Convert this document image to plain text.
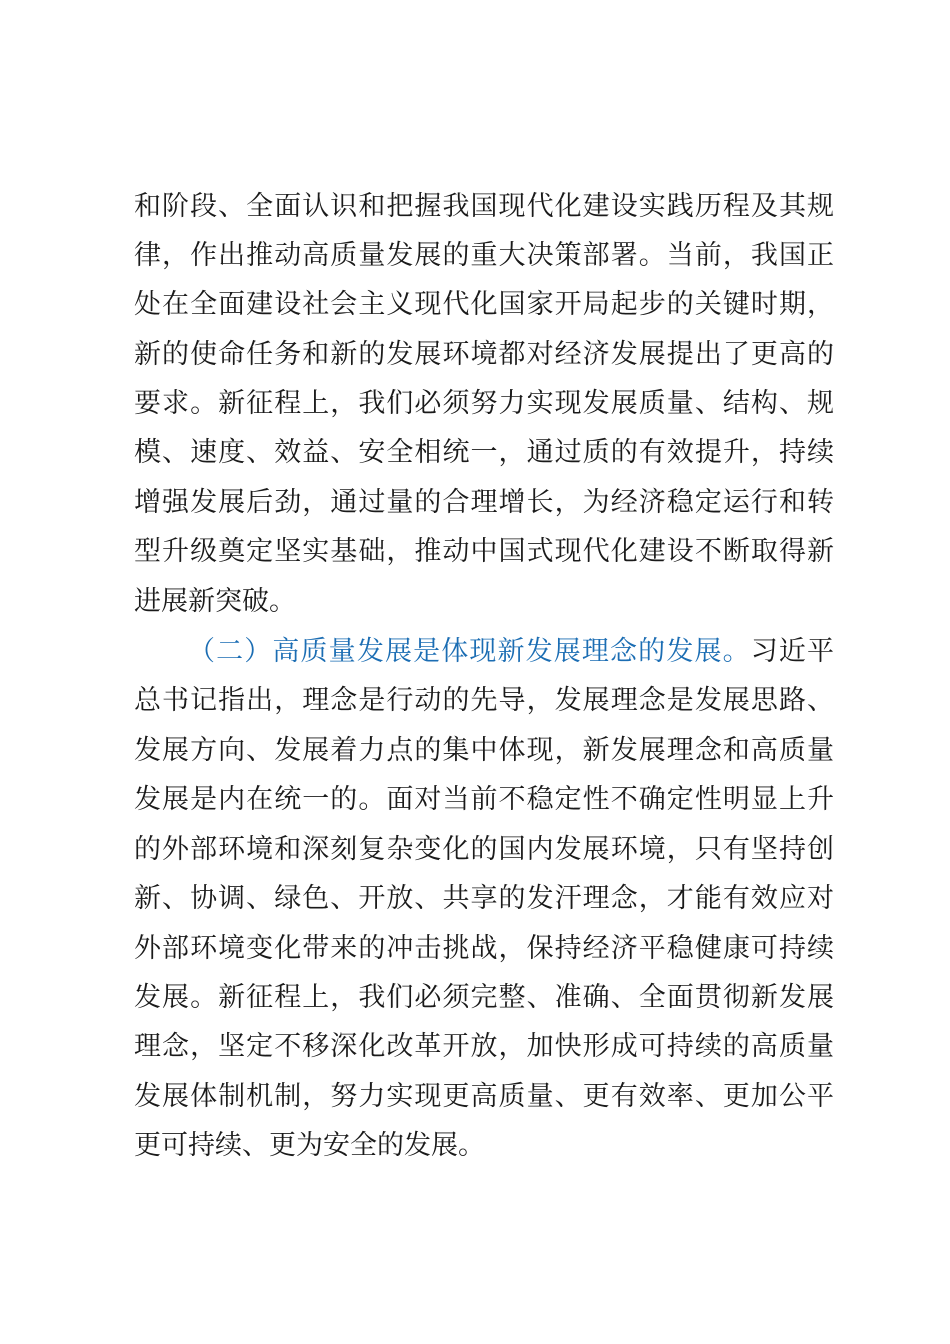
和阶段、全面认识和把握我国现代化建设实践历程及其规
律，作出推动高质量发展的重大决策部署。当前，我国正
处在全面建设社会主义现代化国家开局起步的关键时期，
新的使命任务和新的发展环境都对经济发展提出了更高的
要求。新征程上，我们必须努力实现发展质量、结构、规
模、速度、效益、安全相统一，通过质的有效提升，持续
增强发展后劲，通过量的合理增长，为经济稳定运行和转
型升级奠定坚实基础，推动中国式现代化建设不断取得新
进展新突破。
（二）高质量发展是体现新发展理念的发展。习近平
总书记指出，理念是行动的先导，发展理念是发展思路、
发展方向、发展着力点的集中体现，新发展理念和高质量
发展是内在统一的。面对当前不稳定性不确定性明显上升
的外部环境和深刻复杂变化的国内发展环境，只有坚持创
新、协调、绿色、开放、共享的发汗理念，才能有效应对
外部环境变化带来的冲击挑战，保持经济平稳健康可持续
发展。新征程上，我们必须完整、准确、全面贯彻新发展
理念，坚定不移深化改革开放，加快形成可持续的高质量
发展体制机制，努力实现更高质量、更有效率、更加公平
更可持续、更为安全的发展。
